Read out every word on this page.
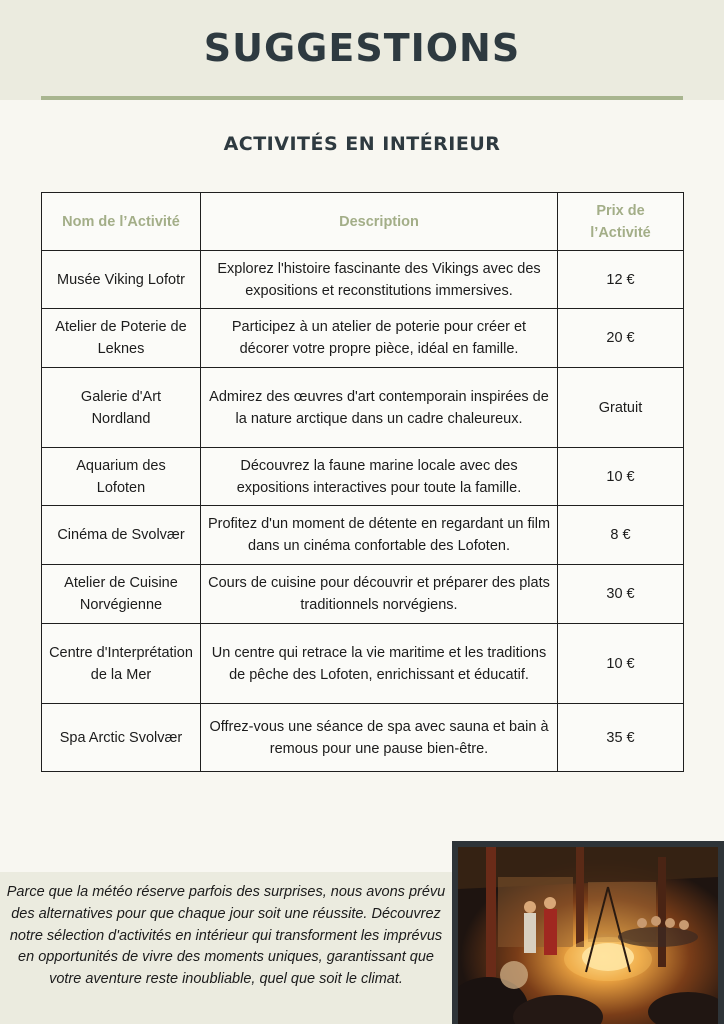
SUGGESTIONS
ACTIVITÉS EN INTÉRIEUR
Nom de l’Activité	Description	Prix de l’Activité
Musée Viking Lofotr	Explorez l'histoire fascinante des Vikings avec des expositions et reconstitutions immersives.	12 €
Atelier de Poterie de Leknes	Participez à un atelier de poterie pour créer et décorer votre propre pièce, idéal en famille.	20 €
Galerie d'Art Nordland	Admirez des œuvres d'art contemporain inspirées de la nature arctique dans un cadre chaleureux.	Gratuit
Aquarium des Lofoten	Découvrez la faune marine locale avec des expositions interactives pour toute la famille.	10 €
Cinéma de Svolvær	Profitez d'un moment de détente en regardant un film dans un cinéma confortable des Lofoten.	8 €
Atelier de Cuisine Norvégienne	Cours de cuisine pour découvrir et préparer des plats traditionnels norvégiens.	30 €
Centre d'Interprétation de la Mer	Un centre qui retrace la vie maritime et les traditions de pêche des Lofoten, enrichissant et éducatif.	10 €
Spa Arctic Svolvær	Offrez-vous une séance de spa avec sauna et bain à remous pour une pause bien-être.	35 €
Parce que la météo réserve parfois des surprises, nous avons prévu des alternatives pour que chaque jour soit une réussite. Découvrez notre sélection d'activités en intérieur qui transforment les imprévus en opportunités de vivre des moments uniques, garantissant que votre aventure reste inoubliable, quel que soit le climat.
